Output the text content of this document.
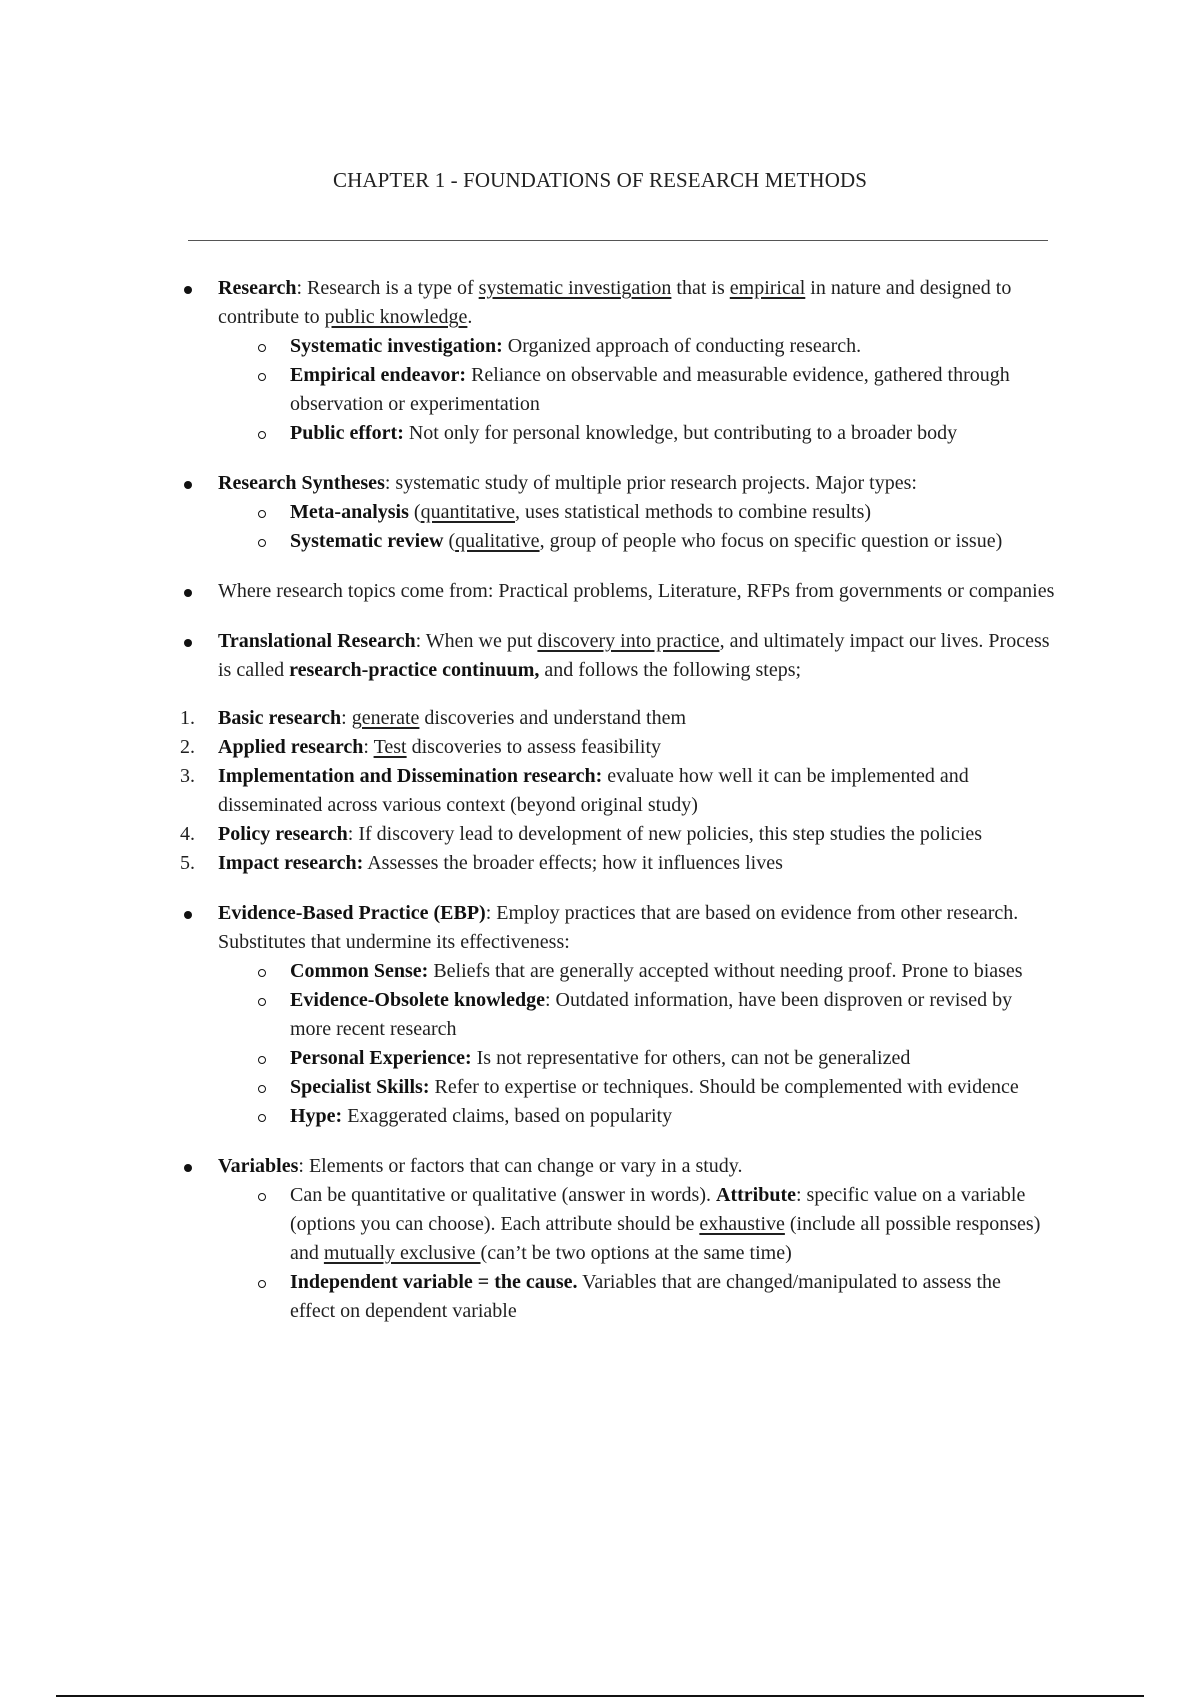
CHAPTER 1 - FOUNDATIONS OF RESEARCH METHODS
Research: Research is a type of systematic investigation that is empirical in nature and designed to contribute to public knowledge.
Systematic investigation: Organized approach of conducting research.
Empirical endeavor: Reliance on observable and measurable evidence, gathered through observation or experimentation
Public effort: Not only for personal knowledge, but contributing to a broader body
Research Syntheses: systematic study of multiple prior research projects. Major types:
Meta-analysis (quantitative, uses statistical methods to combine results)
Systematic review (qualitative, group of people who focus on specific question or issue)
Where research topics come from: Practical problems, Literature, RFPs from governments or companies
Translational Research: When we put discovery into practice, and ultimately impact our lives. Process is called research-practice continuum, and follows the following steps;
1. Basic research: generate discoveries and understand them
2. Applied research: Test discoveries to assess feasibility
3. Implementation and Dissemination research: evaluate how well it can be implemented and disseminated across various context (beyond original study)
4. Policy research: If discovery lead to development of new policies, this step studies the policies
5. Impact research: Assesses the broader effects; how it influences lives
Evidence-Based Practice (EBP): Employ practices that are based on evidence from other research. Substitutes that undermine its effectiveness:
Common Sense: Beliefs that are generally accepted without needing proof. Prone to biases
Evidence-Obsolete knowledge: Outdated information, have been disproven or revised by more recent research
Personal Experience: Is not representative for others, can not be generalized
Specialist Skills: Refer to expertise or techniques. Should be complemented with evidence
Hype: Exaggerated claims, based on popularity
Variables: Elements or factors that can change or vary in a study.
Can be quantitative or qualitative (answer in words). Attribute: specific value on a variable (options you can choose). Each attribute should be exhaustive (include all possible responses) and mutually exclusive (can’t be two options at the same time)
Independent variable = the cause. Variables that are changed/manipulated to assess the effect on dependent variable
